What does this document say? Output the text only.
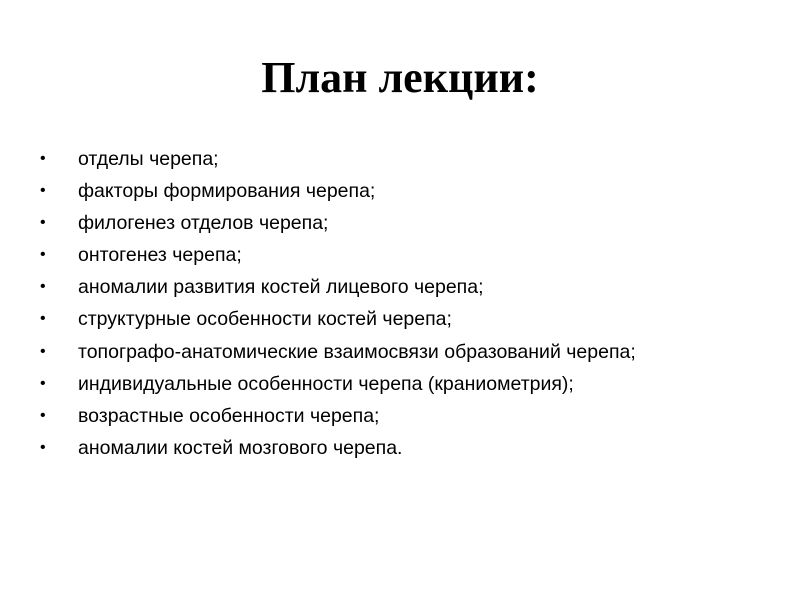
План лекции:
•	отделы черепа;
•	факторы формирования черепа;
•	филогенез отделов черепа;
•	онтогенез черепа;
•	аномалии развития костей лицевого черепа;
•	структурные особенности костей черепа;
•	топографо-анатомические взаимосвязи образований черепа;
•	индивидуальные особенности черепа (краниометрия);
•	возрастные особенности черепа;
•	аномалии костей мозгового черепа.
